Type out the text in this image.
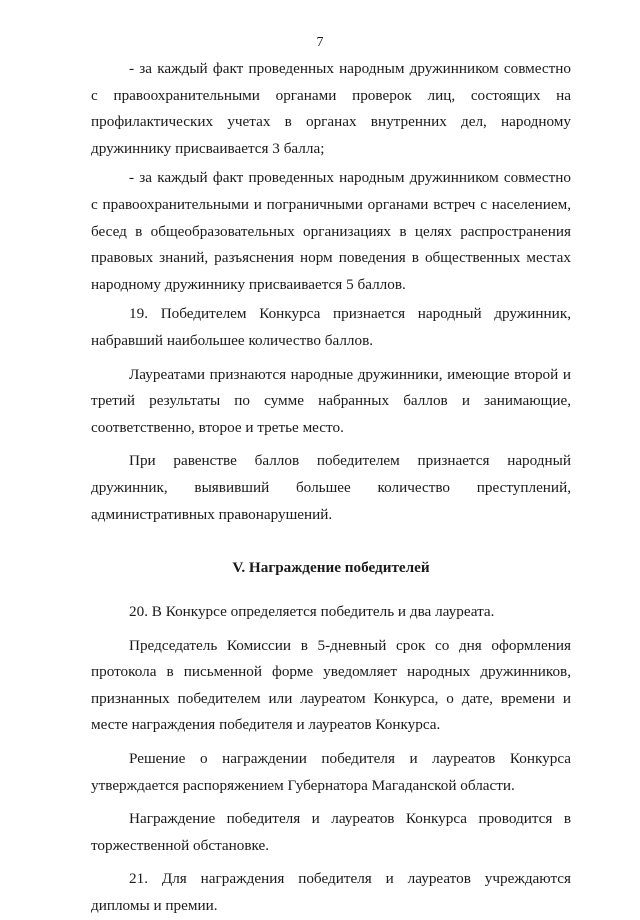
7

- за каждый факт проведенных народным дружинником совместно с правоохранительными органами проверок лиц, состоящих на профилактических учетах в органах внутренних дел, народному дружиннику присваивается 3 балла;

- за каждый факт проведенных народным дружинником совместно с правоохранительными и пограничными органами встреч с населением, бесед в общеобразовательных организациях в целях распространения правовых знаний, разъяснения норм поведения в общественных местах народному дружиннику присваивается 5 баллов.

19. Победителем Конкурса признается народный дружинник, набравший наибольшее количество баллов.

Лауреатами признаются народные дружинники, имеющие второй и третий результаты по сумме набранных баллов и занимающие, соответственно, второе и третье место.

При равенстве баллов победителем признается народный дружинник, выявивший большее количество преступлений, административных правонарушений.

V. Награждение победителей

20. В Конкурсе определяется победитель и два лауреата.

Председатель Комиссии в 5-дневный срок со дня оформления протокола в письменной форме уведомляет народных дружинников, признанных победителем или лауреатом Конкурса, о дате, времени и месте награждения победителя и лауреатов Конкурса.

Решение о награждении победителя и лауреатов Конкурса утверждается распоряжением Губернатора Магаданской области.

Награждение победителя и лауреатов Конкурса проводится в торжественной обстановке.

21. Для награждения победителя и лауреатов учреждаются дипломы и премии.
